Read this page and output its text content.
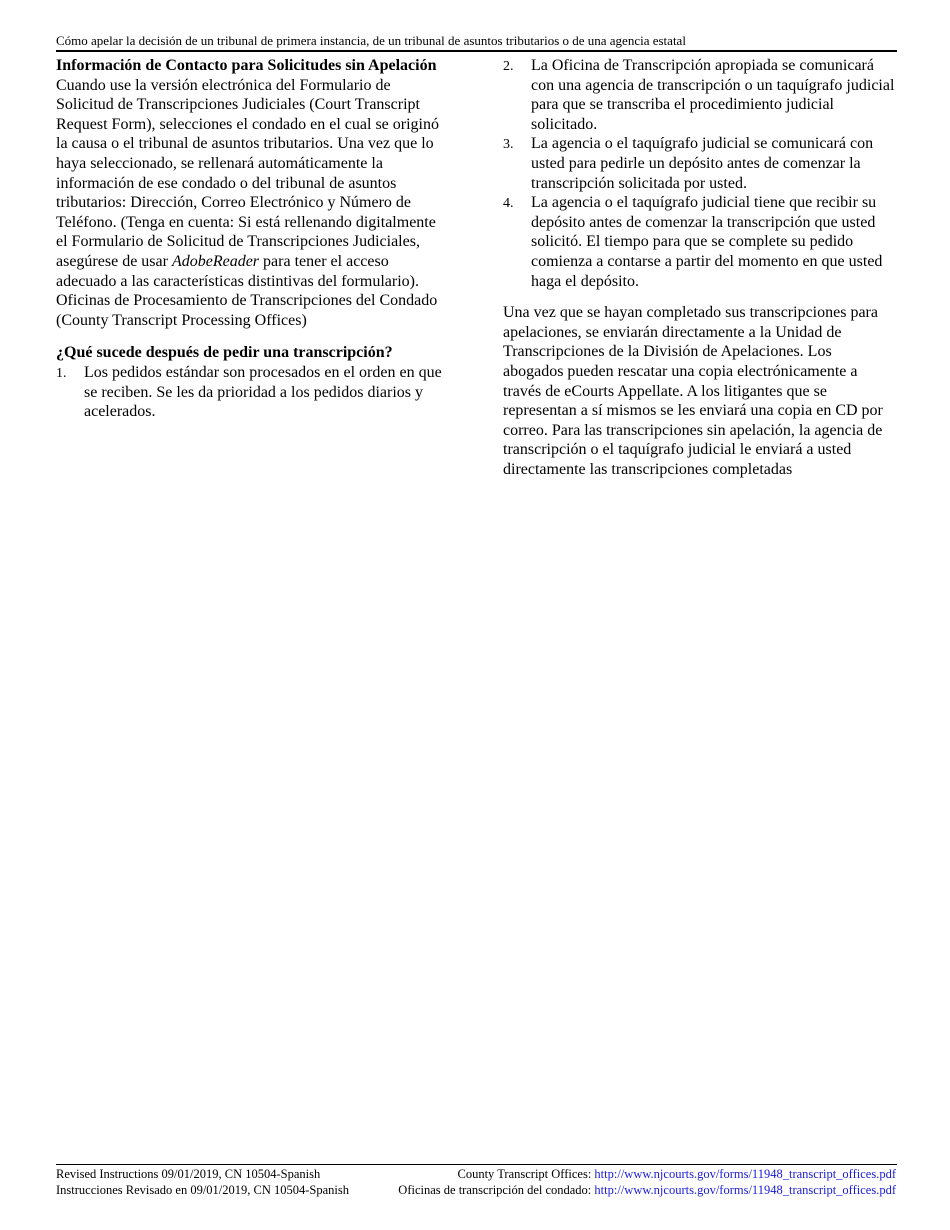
Cómo apelar la decisión de un tribunal de primera instancia, de un tribunal de asuntos tributarios o de una agencia estatal

Información de Contacto para Solicitudes sin Apelación

Cuando use la versión electrónica del Formulario de Solicitud de Transcripciones Judiciales (Court Transcript Request Form), selecciones el condado en el cual se originó la causa o el tribunal de asuntos tributarios. Una vez que lo haya seleccionado, se rellenará automáticamente la información de ese condado o del tribunal de asuntos tributarios: Dirección, Correo Electrónico y Número de Teléfono. (Tenga en cuenta: Si está rellenando digitalmente el Formulario de Solicitud de Transcripciones Judiciales, asegúrese de usar AdobeReader para tener el acceso adecuado a las características distintivas del formulario).

Oficinas de Procesamiento de Transcripciones del Condado (County Transcript Processing Offices)

¿Qué sucede después de pedir una transcripción?

1. Los pedidos estándar son procesados en el orden en que se reciben. Se les da prioridad a los pedidos diarios y acelerados.
2. La Oficina de Transcripción apropiada se comunicará con una agencia de transcripción o un taquígrafo judicial para que se transcriba el procedimiento judicial solicitado.
3. La agencia o el taquígrafo judicial se comunicará con usted para pedirle un depósito antes de comenzar la transcripción solicitada por usted.
4. La agencia o el taquígrafo judicial tiene que recibir su depósito antes de comenzar la transcripción que usted solicitó. El tiempo para que se complete su pedido comienza a contarse a partir del momento en que usted haga el depósito.

Una vez que se hayan completado sus transcripciones para apelaciones, se enviarán directamente a la Unidad de Transcripciones de la División de Apelaciones. Los abogados pueden rescatar una copia electrónicamente a través de eCourts Appellate. A los litigantes que se representan a sí mismos se les enviará una copia en CD por correo. Para las transcripciones sin apelación, la agencia de transcripción o el taquígrafo judicial le enviará a usted directamente las transcripciones completadas

Revised Instructions 09/01/2019, CN 10504-Spanish
Instrucciones Revisado en 09/01/2019, CN 10504-Spanish
County Transcript Offices: http://www.njcourts.gov/forms/11948_transcript_offices.pdf
Oficinas de transcripción del condado: http://www.njcourts.gov/forms/11948_transcript_offices.pdf
